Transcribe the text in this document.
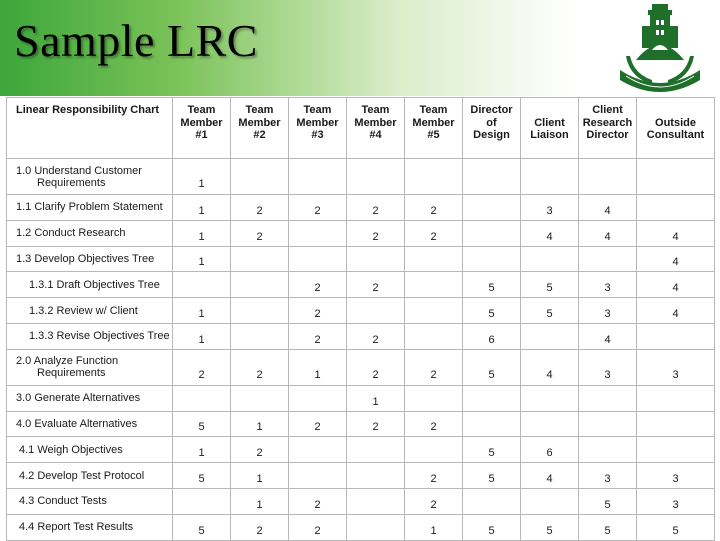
Sample LRC
Linear Responsibility Chart	Team
Member
#1	Team
Member
#2	Team
Member
#3	Team
Member
#4	Team
Member
#5	Director
of
Design	Client
Liaison	Client
Research
Director	Outside
Consultant
1.0 Understand Customer
Requirements	1								
1.1 Clarify Problem Statement	1	2	2	2	2		3	4	
1.2 Conduct Research	1	2		2	2		4	4	4
1.3 Develop Objectives Tree	1								4
1.3.1 Draft Objectives Tree			2	2		5	5	3	4
1.3.2 Review w/ Client	1		2			5	5	3	4
1.3.3 Revise Objectives Tree	1		2	2		6		4	
2.0 Analyze Function
Requirements	2	2	1	2	2	5	4	3	3
3.0 Generate Alternatives				1					
4.0 Evaluate Alternatives	5	1	2	2	2				
4.1 Weigh Objectives	1	2				5	6		
4.2 Develop Test Protocol	5	1			2	5	4	3	3
4.3 Conduct Tests		1	2		2			5	3
4.4 Report Test Results	5	2	2		1	5	5	5	5
